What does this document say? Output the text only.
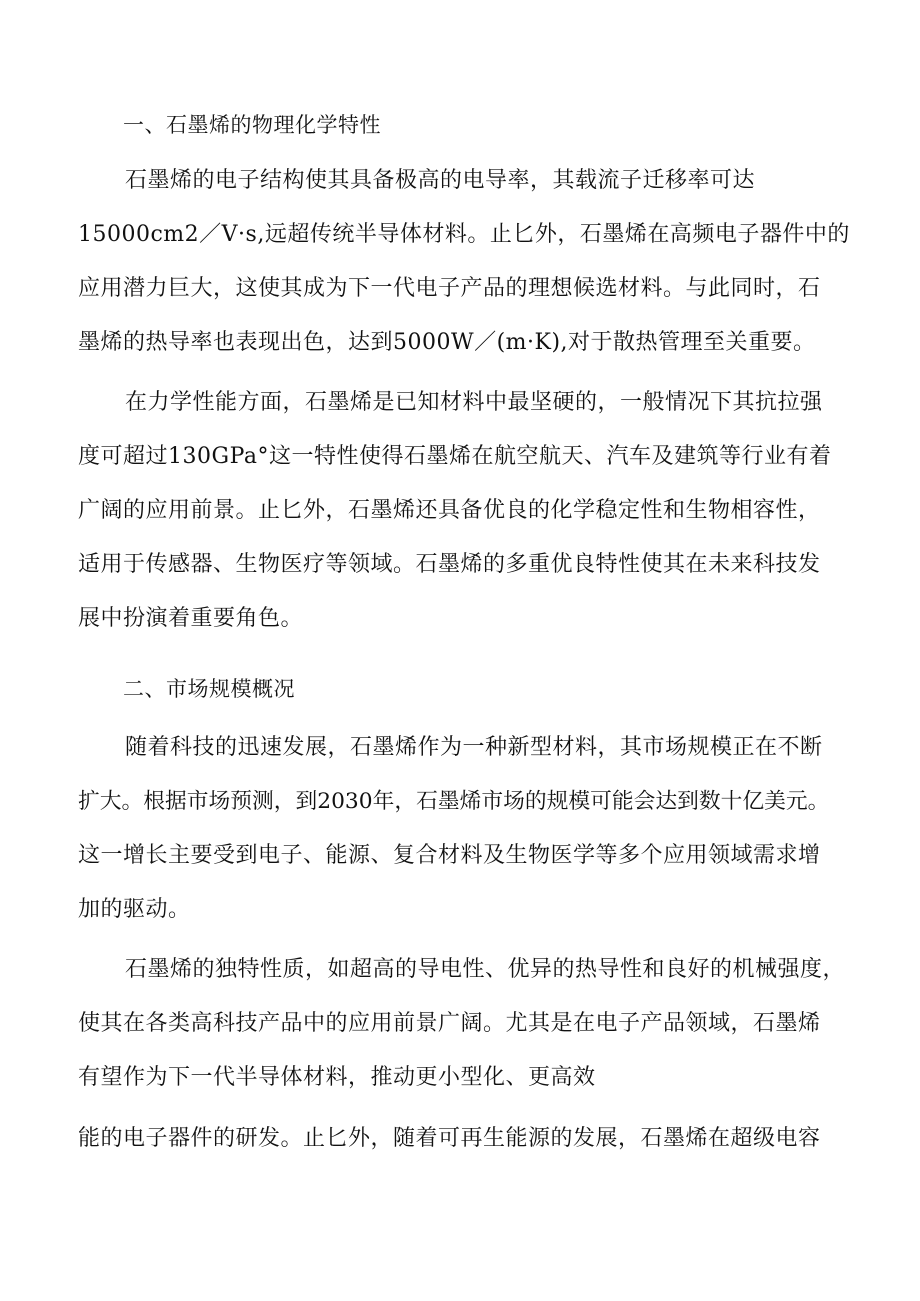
一、石墨烯的物理化学特性
石墨烯的电子结构使其具备极高的电导率，其载流子迁移率可达
15000cm2／V·s,远超传统半导体材料。止匕外，石墨烯在高频电子器件中的
应用潜力巨大，这使其成为下一代电子产品的理想候选材料。与此同时，石
墨烯的热导率也表现出色，达到5000W／(m·K),对于散热管理至关重要。
在力学性能方面，石墨烯是已知材料中最坚硬的，一般情况下其抗拉强
度可超过130GPa°这一特性使得石墨烯在航空航天、汽车及建筑等行业有着
广阔的应用前景。止匕外，石墨烯还具备优良的化学稳定性和生物相容性，
适用于传感器、生物医疗等领域。石墨烯的多重优良特性使其在未来科技发
展中扮演着重要角色。
二、市场规模概况
随着科技的迅速发展，石墨烯作为一种新型材料，其市场规模正在不断
扩大。根据市场预测，到2030年，石墨烯市场的规模可能会达到数十亿美元。
这一增长主要受到电子、能源、复合材料及生物医学等多个应用领域需求增
加的驱动。
石墨烯的独特性质，如超高的导电性、优异的热导性和良好的机械强度，
使其在各类高科技产品中的应用前景广阔。尤其是在电子产品领域，石墨烯
有望作为下一代半导体材料，推动更小型化、更高效
能的电子器件的研发。止匕外，随着可再生能源的发展，石墨烯在超级电容
